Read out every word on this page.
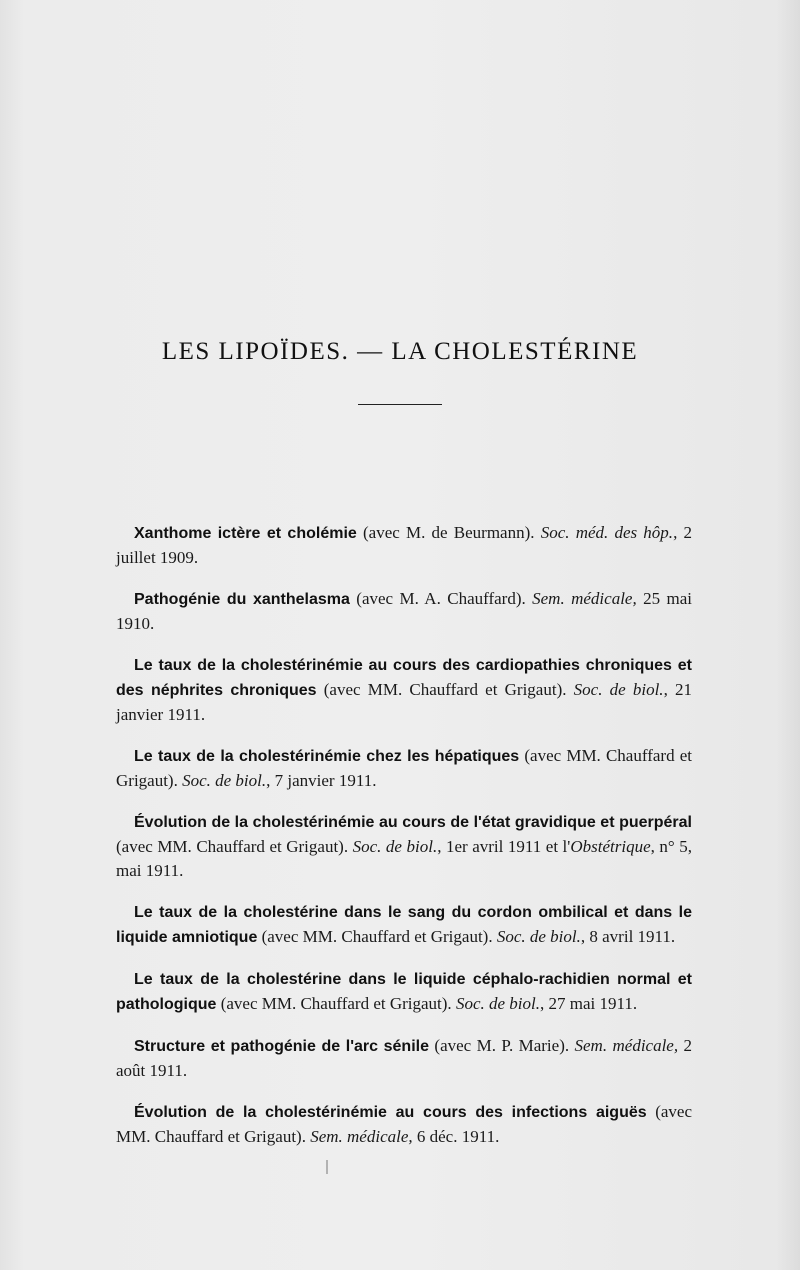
LES LIPOÏDES. — LA CHOLESTÉRINE

Xanthome ictère et cholémie (avec M. de Beurmann). Soc. méd. des hôp., 2 juillet 1909.

Pathogénie du xanthelasma (avec M. A. Chauffard). Sem. médicale, 25 mai 1910.

Le taux de la cholestérinémie au cours des cardiopathies chroniques et des néphrites chroniques (avec MM. Chauffard et Grigaut). Soc. de biol., 21 janvier 1911.

Le taux de la cholestérinémie chez les hépatiques (avec MM. Chauffard et Grigaut). Soc. de biol., 7 janvier 1911.

Évolution de la cholestérinémie au cours de l'état gravidique et puerpéral (avec MM. Chauffard et Grigaut). Soc. de biol., 1er avril 1911 et l'Obstétrique, n° 5, mai 1911.

Le taux de la cholestérine dans le sang du cordon ombilical et dans le liquide amniotique (avec MM. Chauffard et Grigaut). Soc. de biol., 8 avril 1911.

Le taux de la cholestérine dans le liquide céphalo-rachidien normal et pathologique (avec MM. Chauffard et Grigaut). Soc. de biol., 27 mai 1911.

Structure et pathogénie de l'arc sénile (avec M. P. Marie). Sem. médicale, 2 août 1911.

Évolution de la cholestérinémie au cours des infections aiguës (avec MM. Chauffard et Grigaut). Sem. médicale, 6 déc. 1911.
